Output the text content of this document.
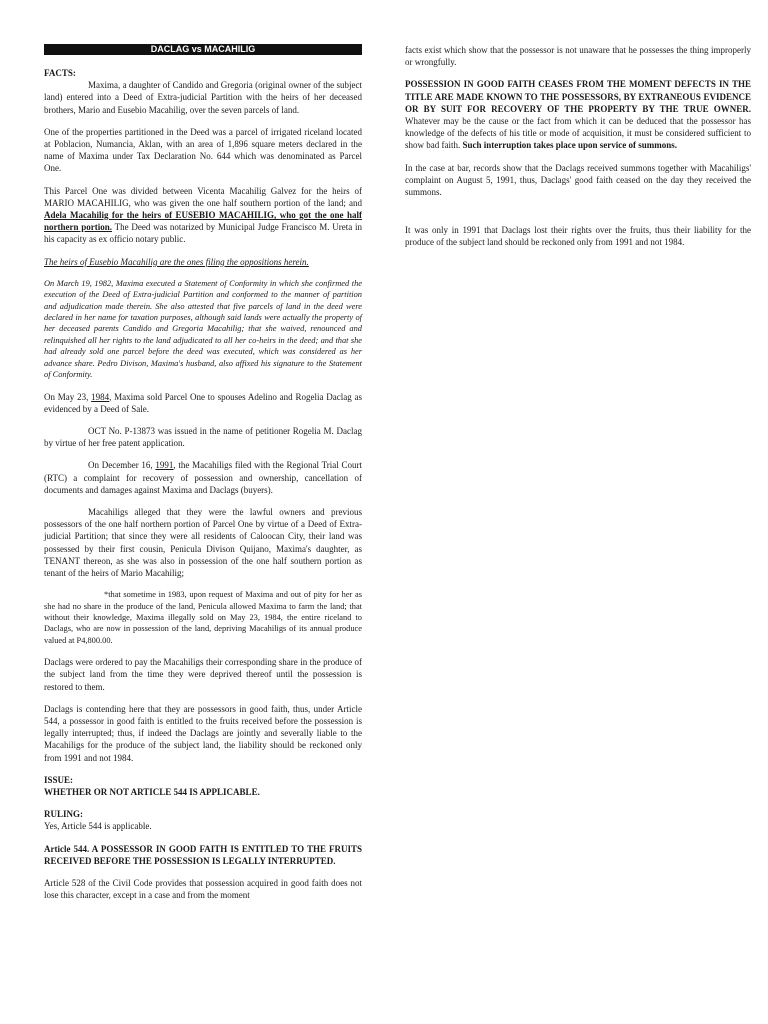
DACLAG vs MACAHILIG

FACTS:

Maxima, a daughter of Candido and Gregoria (original owner of the subject land) entered into a Deed of Extra-judicial Partition with the heirs of her deceased brothers, Mario and Eusebio Macahilig, over the seven parcels of land.

One of the properties partitioned in the Deed was a parcel of irrigated riceland located at Poblacion, Numancia, Aklan, with an area of 1,896 square meters declared in the name of Maxima under Tax Declaration No. 644 which was denominated as Parcel One.

This Parcel One was divided between Vicenta Macahilig Galvez for the heirs of MARIO MACAHILIG, who was given the one half southern portion of the land; and Adela Macahilig for the heirs of EUSEBIO MACAHILIG, who got the one half northern portion. The Deed was notarized by Municipal Judge Francisco M. Ureta in his capacity as ex officio notary public.

The heirs of Eusebio Macahilig are the ones filing the oppositions herein.

On March 19, 1982, Maxima executed a Statement of Conformity in which she confirmed the execution of the Deed of Extra-judicial Partition and conformed to the manner of partition and adjudication made therein. She also attested that five parcels of land in the deed were declared in her name for taxation purposes, although said lands were actually the property of her deceased parents Candido and Gregoria Macahilig; that she waived, renounced and relinquished all her rights to the land adjudicated to all her co-heirs in the deed; and that she had already sold one parcel before the deed was executed, which was considered as her advance share. Pedro Divison, Maxima's husband, also affixed his signature to the Statement of Conformity.

On May 23, 1984, Maxima sold Parcel One to spouses Adelino and Rogelia Daclag as evidenced by a Deed of Sale.

OCT No. P-13873 was issued in the name of petitioner Rogelia M. Daclag by virtue of her free patent application.

On December 16, 1991, the Macahiligs filed with the Regional Trial Court (RTC) a complaint for recovery of possession and ownership, cancellation of documents and damages against Maxima and Daclags (buyers).

Macahiligs alleged that they were the lawful owners and previous possessors of the one half northern portion of Parcel One by virtue of a Deed of Extra-judicial Partition; that since they were all residents of Caloocan City, their land was possessed by their first cousin, Penicula Divison Quijano, Maxima's daughter, as TENANT thereon, as she was also in possession of the one half southern portion as tenant of the heirs of Mario Macahilig;

*that sometime in 1983, upon request of Maxima and out of pity for her as she had no share in the produce of the land, Penicula allowed Maxima to farm the land; that without their knowledge, Maxima illegally sold on May 23, 1984, the entire riceland to Daclags, who are now in possession of the land, depriving Macahiligs of its annual produce valued at P4,800.00.

Daclags were ordered to pay the Macahiligs their corresponding share in the produce of the subject land from the time they were deprived thereof until the possession is restored to them.

Daclags is contending here that they are possessors in good faith, thus, under Article 544, a possessor in good faith is entitled to the fruits received before the possession is legally interrupted; thus, if indeed the Daclags are jointly and severally liable to the Macahiligs for the produce of the subject land, the liability should be reckoned only from 1991 and not 1984.

ISSUE:

WHETHER OR NOT ARTICLE 544 IS APPLICABLE.

RULING:

Yes, Article 544 is applicable.

Article 544. A POSSESSOR IN GOOD FAITH IS ENTITLED TO THE FRUITS RECEIVED BEFORE THE POSSESSION IS LEGALLY INTERRUPTED.

Article 528 of the Civil Code provides that possession acquired in good faith does not lose this character, except in a case and from the moment

facts exist which show that the possessor is not unaware that he possesses the thing improperly or wrongfully.

POSSESSION IN GOOD FAITH CEASES FROM THE MOMENT DEFECTS IN THE TITLE ARE MADE KNOWN TO THE POSSESSORS, BY EXTRANEOUS EVIDENCE OR BY SUIT FOR RECOVERY OF THE PROPERTY BY THE TRUE OWNER. Whatever may be the cause or the fact from which it can be deduced that the possessor has knowledge of the defects of his title or mode of acquisition, it must be considered sufficient to show bad faith. Such interruption takes place upon service of summons.

In the case at bar, records show that the Daclags received summons together with Macahiligs' complaint on August 5, 1991, thus, Daclags' good faith ceased on the day they received the summons.

It was only in 1991 that Daclags lost their rights over the fruits, thus their liability for the produce of the subject land should be reckoned only from 1991 and not 1984.
